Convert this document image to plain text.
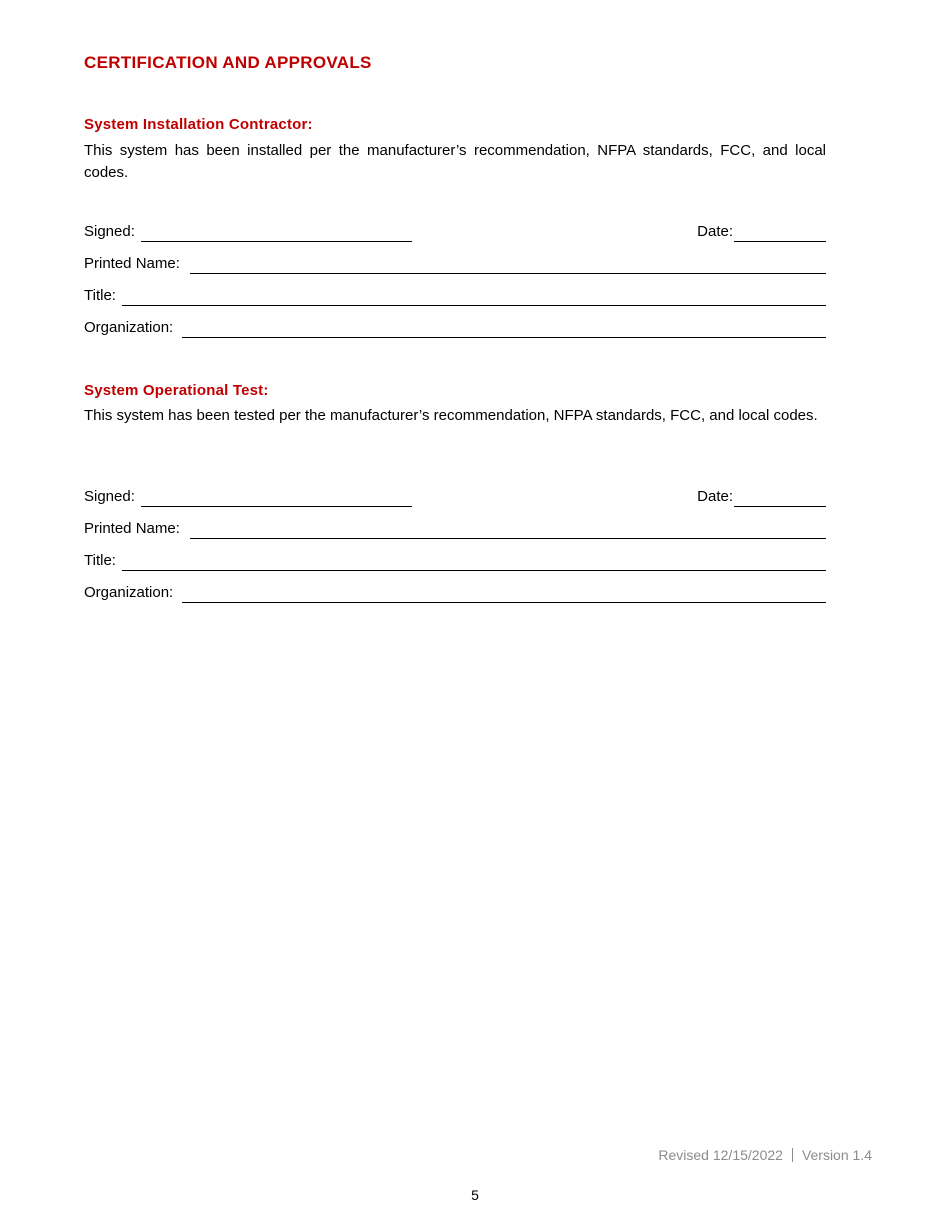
CERTIFICATION AND APPROVALS
System Installation Contractor:

This system has been installed per the manufacturer’s recommendation, NFPA standards, FCC, and local codes.

Signed:	Date:
Printed Name:
Title:
Organization:
System Operational Test:

This system has been tested per the manufacturer’s recommendation, NFPA standards, FCC, and local codes.

Signed:	Date:
Printed Name:
Title:
Organization:
Revised 12/15/2022 Version 1.4
5
